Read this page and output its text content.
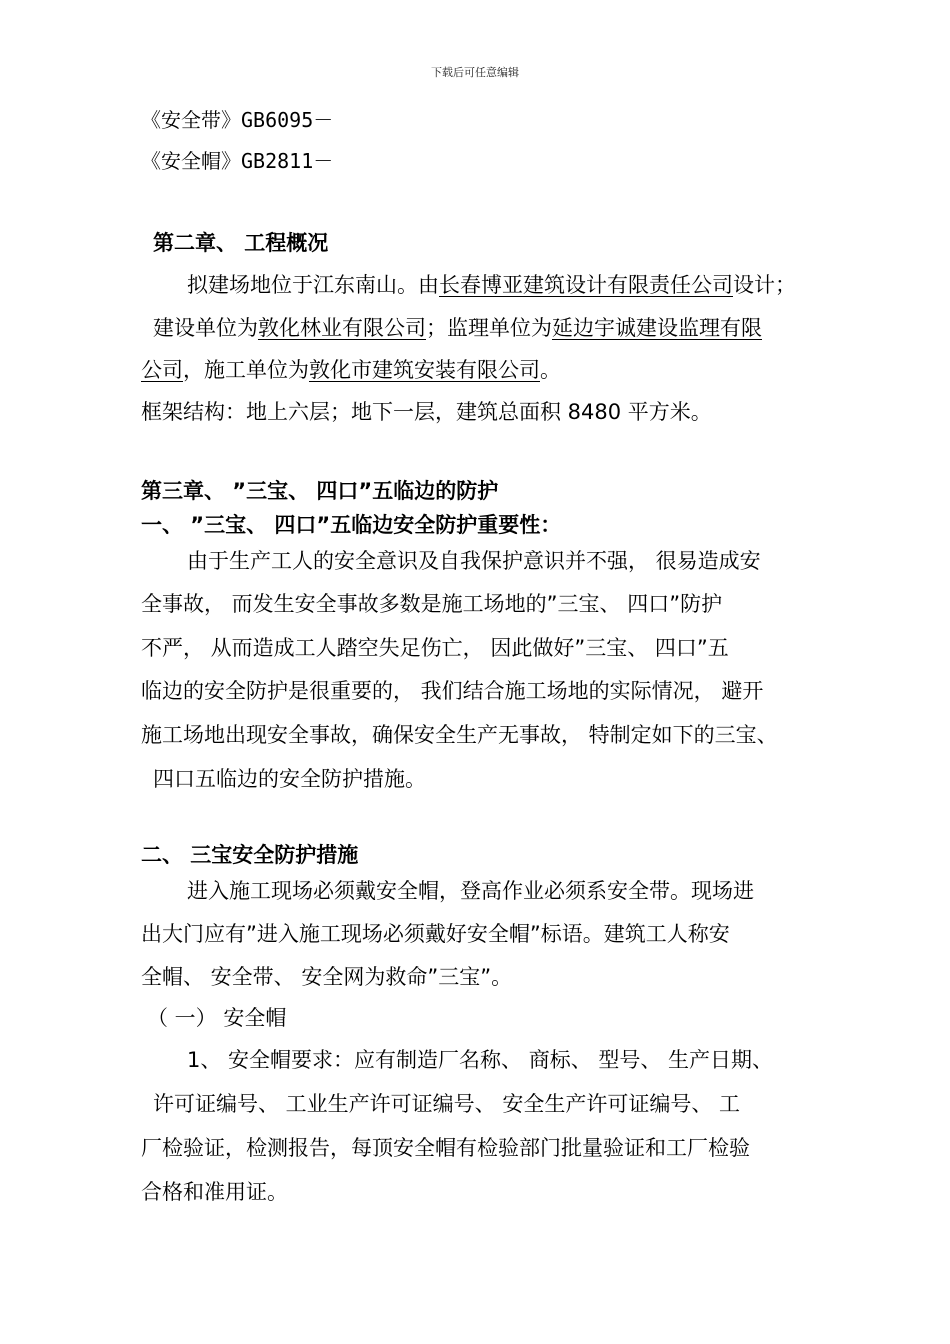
下载后可任意编辑
《安全带》GB6095－
《安全帽》GB2811－
第二章、 工程概况
拟建场地位于江东南山。由长春博亚建筑设计有限责任公司设计；
建设单位为敦化林业有限公司；监理单位为延边宇诚建设监理有限
公司，施工单位为敦化市建筑安装有限公司。
框架结构：地上六层；地下一层，建筑总面积 8480 平方米。
第三章、 ”三宝、 四口”五临边的防护
一、 ”三宝、 四口”五临边安全防护重要性：
由于生产工人的安全意识及自我保护意识并不强， 很易造成安
全事故， 而发生安全事故多数是施工场地的”三宝、 四口”防护
不严， 从而造成工人踏空失足伤亡， 因此做好”三宝、 四口”五
临边的安全防护是很重要的， 我们结合施工场地的实际情况， 避开
施工场地出现安全事故，确保安全生产无事故， 特制定如下的三宝、
四口五临边的安全防护措施。
二、 三宝安全防护措施
进入施工现场必须戴安全帽，登高作业必须系安全带。现场进
出大门应有”进入施工现场必须戴好安全帽”标语。建筑工人称安
全帽、 安全带、 安全网为救命”三宝”。
（ 一） 安全帽
1、 安全帽要求：应有制造厂名称、 商标、 型号、 生产日期、
许可证编号、 工业生产许可证编号、 安全生产许可证编号、 工
厂检验证，检测报告，每顶安全帽有检验部门批量验证和工厂检验
合格和准用证。
